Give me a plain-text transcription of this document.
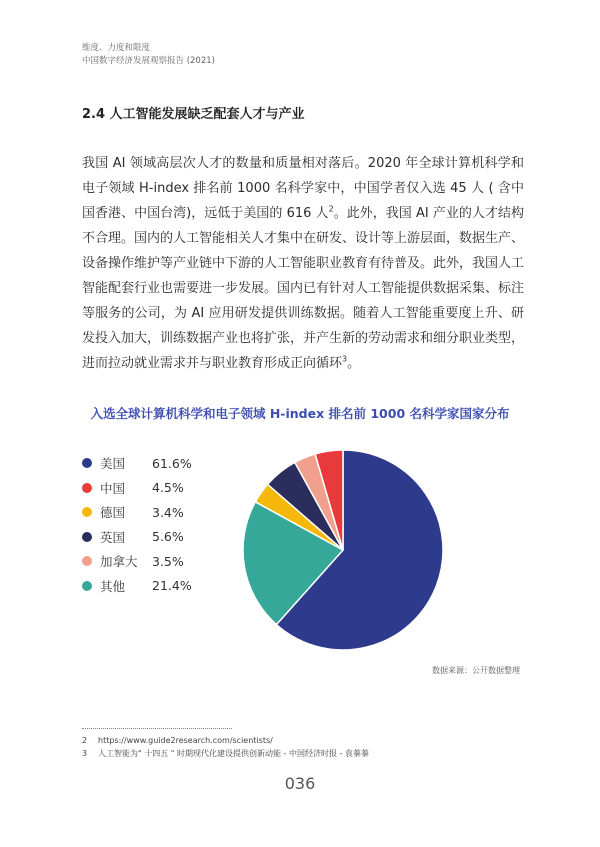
维度、力度和限度
中国数字经济发展观察报告 (2021)
2.4 人工智能发展缺乏配套人才与产业

我国 AI 领域高层次人才的数量和质量相对落后。2020 年全球计算机科学和电子领域 H-index 排名前 1000 名科学家中，中国学者仅入选 45 人 ( 含中国香港、中国台湾)，远低于美国的 616 人$^2$。此外，我国 AI 产业的人才结构不合理。国内的人工智能相关人才集中在研发、设计等上游层面，数据生产、设备操作维护等产业链中下游的人工智能职业教育有待普及。此外，我国人工智能配套行业也需要进一步发展。国内已有针对人工智能提供数据采集、标注等服务的公司，为 AI 应用研发提供训练数据。随着人工智能重要度上升、研发投入加大，训练数据产业也将扩张，并产生新的劳动需求和细分职业类型，进而拉动就业需求并与职业教育形成正向循环$^3$。

入选全球计算机科学和电子领域 H-index 排名前 1000 名科学家国家分布
美国	61.6%
中国	4.5%
德国	3.4%
英国	5.6%
加拿大	3.5%
其他	21.4%
数据来源：公开数据整理
2 https://www.guide2research.com/scientists/
3 人工智能为" 十四五 " 时期现代化建设提供创新动能 - 中国经济时报 - 袁蓁蓁
036
